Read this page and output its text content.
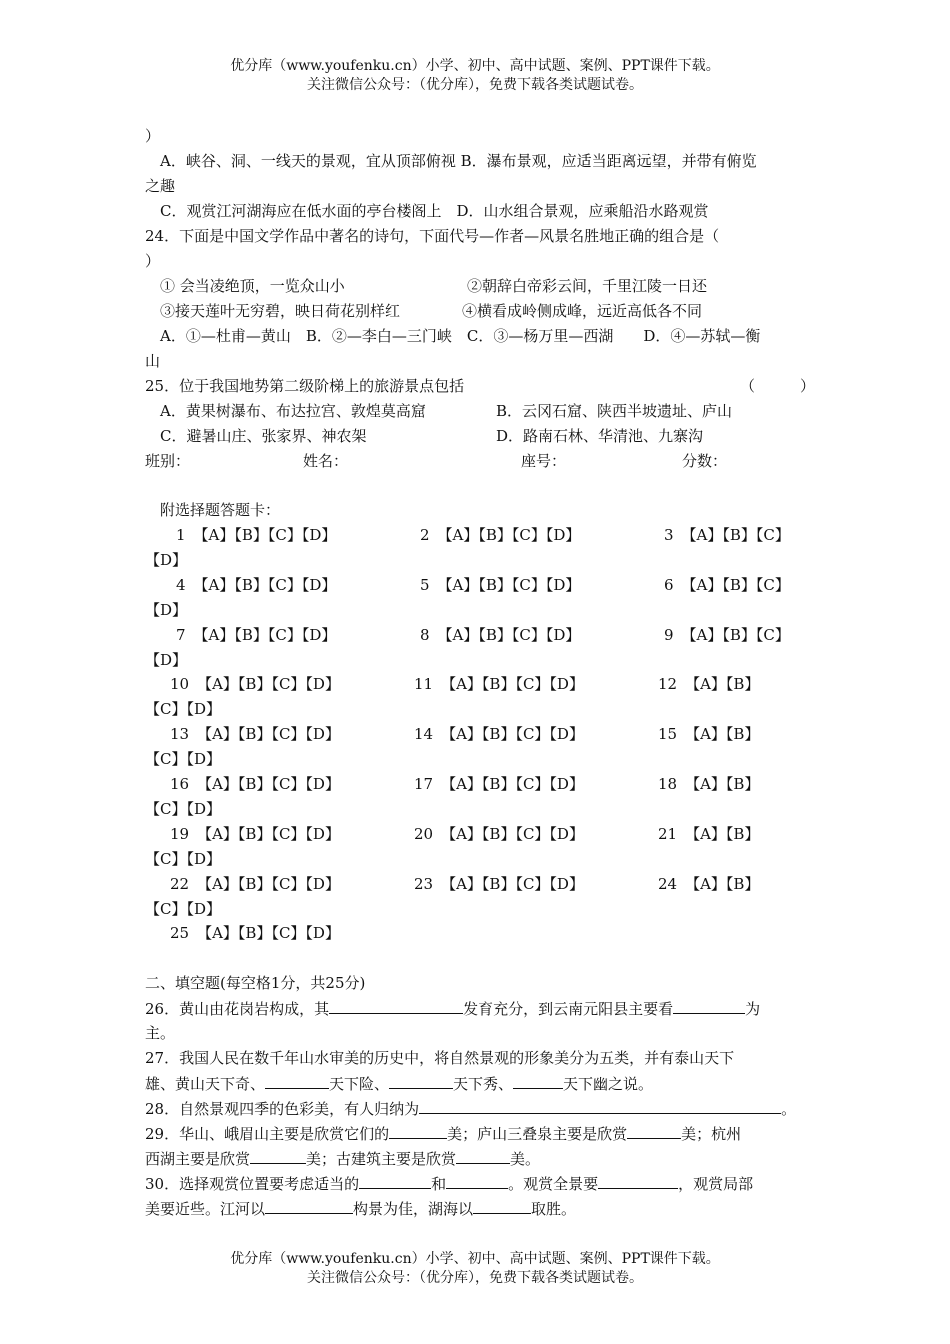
优分库（www.youfenku.cn）小学、初中、高中试题、案例、PPT课件下载。
关注微信公众号：（优分库），免费下载各类试题试卷。
）
A．峡谷、洞、一线天的景观，宜从顶部俯视 B．瀑布景观，应适当距离远望，并带有俯览
之趣
C．观赏江河湖海应在低水面的亭台楼阁上　D．山水组合景观，应乘船沿水路观赏
24．下面是中国文学作品中著名的诗句，下面代号—作者—风景名胜地正确的组合是（
）
① 会当凌绝顶，一览众山小	②朝辞白帝彩云间，千里江陵一日还
③接天莲叶无穷碧，映日荷花别样红	④横看成岭侧成峰，远近高低各不同
A．①—杜甫—黄山　B．②—李白—三门峡　C．③—杨万里—西湖　　D．④—苏轼—衡
山
25．位于我国地势第二级阶梯上的旅游景点包括	（　　　）
A．黄果树瀑布、布达拉宫、敦煌莫高窟	B．云冈石窟、陕西半坡遗址、庐山
C．避暑山庄、张家界、神农架	D．路南石林、华清池、九寨沟
班别：	姓名：	座号：	分数：
附选择题答题卡：
1 【A】【B】【C】【D】	2 【A】【B】【C】【D】	3 【A】【B】【C】
【D】
4 【A】【B】【C】【D】	5 【A】【B】【C】【D】	6 【A】【B】【C】
【D】
7 【A】【B】【C】【D】	8 【A】【B】【C】【D】	9 【A】【B】【C】
【D】
10 【A】【B】【C】【D】	11 【A】【B】【C】【D】	12 【A】【B】
【C】【D】
13 【A】【B】【C】【D】	14 【A】【B】【C】【D】	15 【A】【B】
【C】【D】
16 【A】【B】【C】【D】	17 【A】【B】【C】【D】	18 【A】【B】
【C】【D】
19 【A】【B】【C】【D】	20 【A】【B】【C】【D】	21 【A】【B】
【C】【D】
22 【A】【B】【C】【D】	23 【A】【B】【C】【D】	24 【A】【B】
【C】【D】
25 【A】【B】【C】【D】
二、填空题(每空格1分，共25分)
26．黄山由花岗岩构成，其	发育充分，到云南元阳县主要看	为
主。
27．我国人民在数千年山水审美的历史中，将自然景观的形象美分为五类，并有泰山天下
雄、黄山天下奇、	天下险、	天下秀、	天下幽之说。
28．自然景观四季的色彩美，有人归纳为	。
29．华山、峨眉山主要是欣赏它们的	美；庐山三叠泉主要是欣赏	美；杭州
西湖主要是欣赏	美；古建筑主要是欣赏	美。
30．选择观赏位置要考虑适当的	和	。观赏全景要	，观赏局部
美要近些。江河以	构景为佳，湖海以	取胜。
优分库（www.youfenku.cn）小学、初中、高中试题、案例、PPT课件下载。
关注微信公众号：（优分库），免费下载各类试题试卷。
